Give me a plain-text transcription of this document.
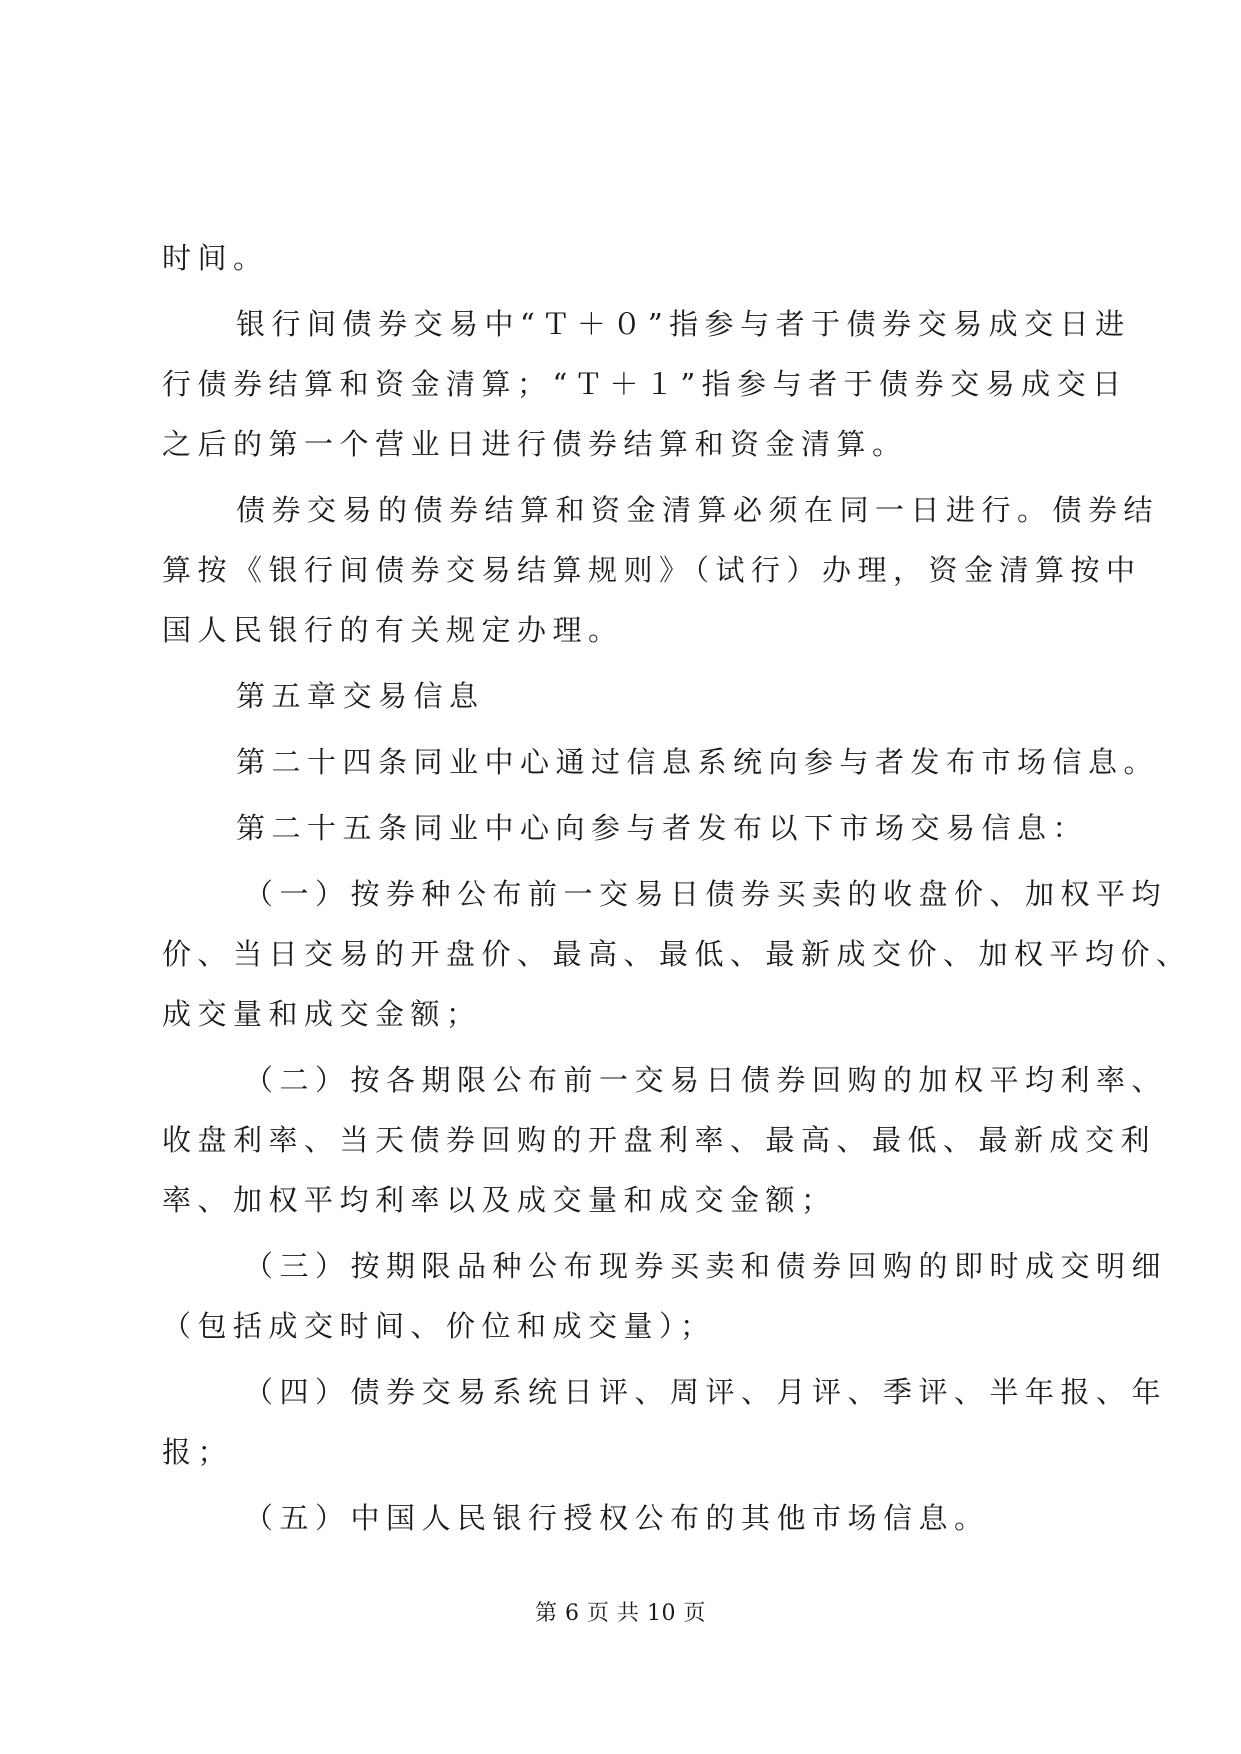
时间。

银行间债券交易中“Ｔ＋０”指参与者于债券交易成交日进
行债券结算和资金清算；“Ｔ＋１”指参与者于债券交易成交日
之后的第一个营业日进行债券结算和资金清算。

债券交易的债券结算和资金清算必须在同一日进行。债券结
算按《银行间债券交易结算规则》（试行）办理，资金清算按中
国人民银行的有关规定办理。

第五章交易信息

第二十四条同业中心通过信息系统向参与者发布市场信息。

第二十五条同业中心向参与者发布以下市场交易信息：

（一）按券种公布前一交易日债券买卖的收盘价、加权平均
价、当日交易的开盘价、最高、最低、最新成交价、加权平均价、
成交量和成交金额；

（二）按各期限公布前一交易日债券回购的加权平均利率、
收盘利率、当天债券回购的开盘利率、最高、最低、最新成交利
率、加权平均利率以及成交量和成交金额；

（三）按期限品种公布现券买卖和债券回购的即时成交明细
（包括成交时间、价位和成交量）；

（四）债券交易系统日评、周评、月评、季评、半年报、年
报；

（五）中国人民银行授权公布的其他市场信息。

第 6 页 共 10 页
